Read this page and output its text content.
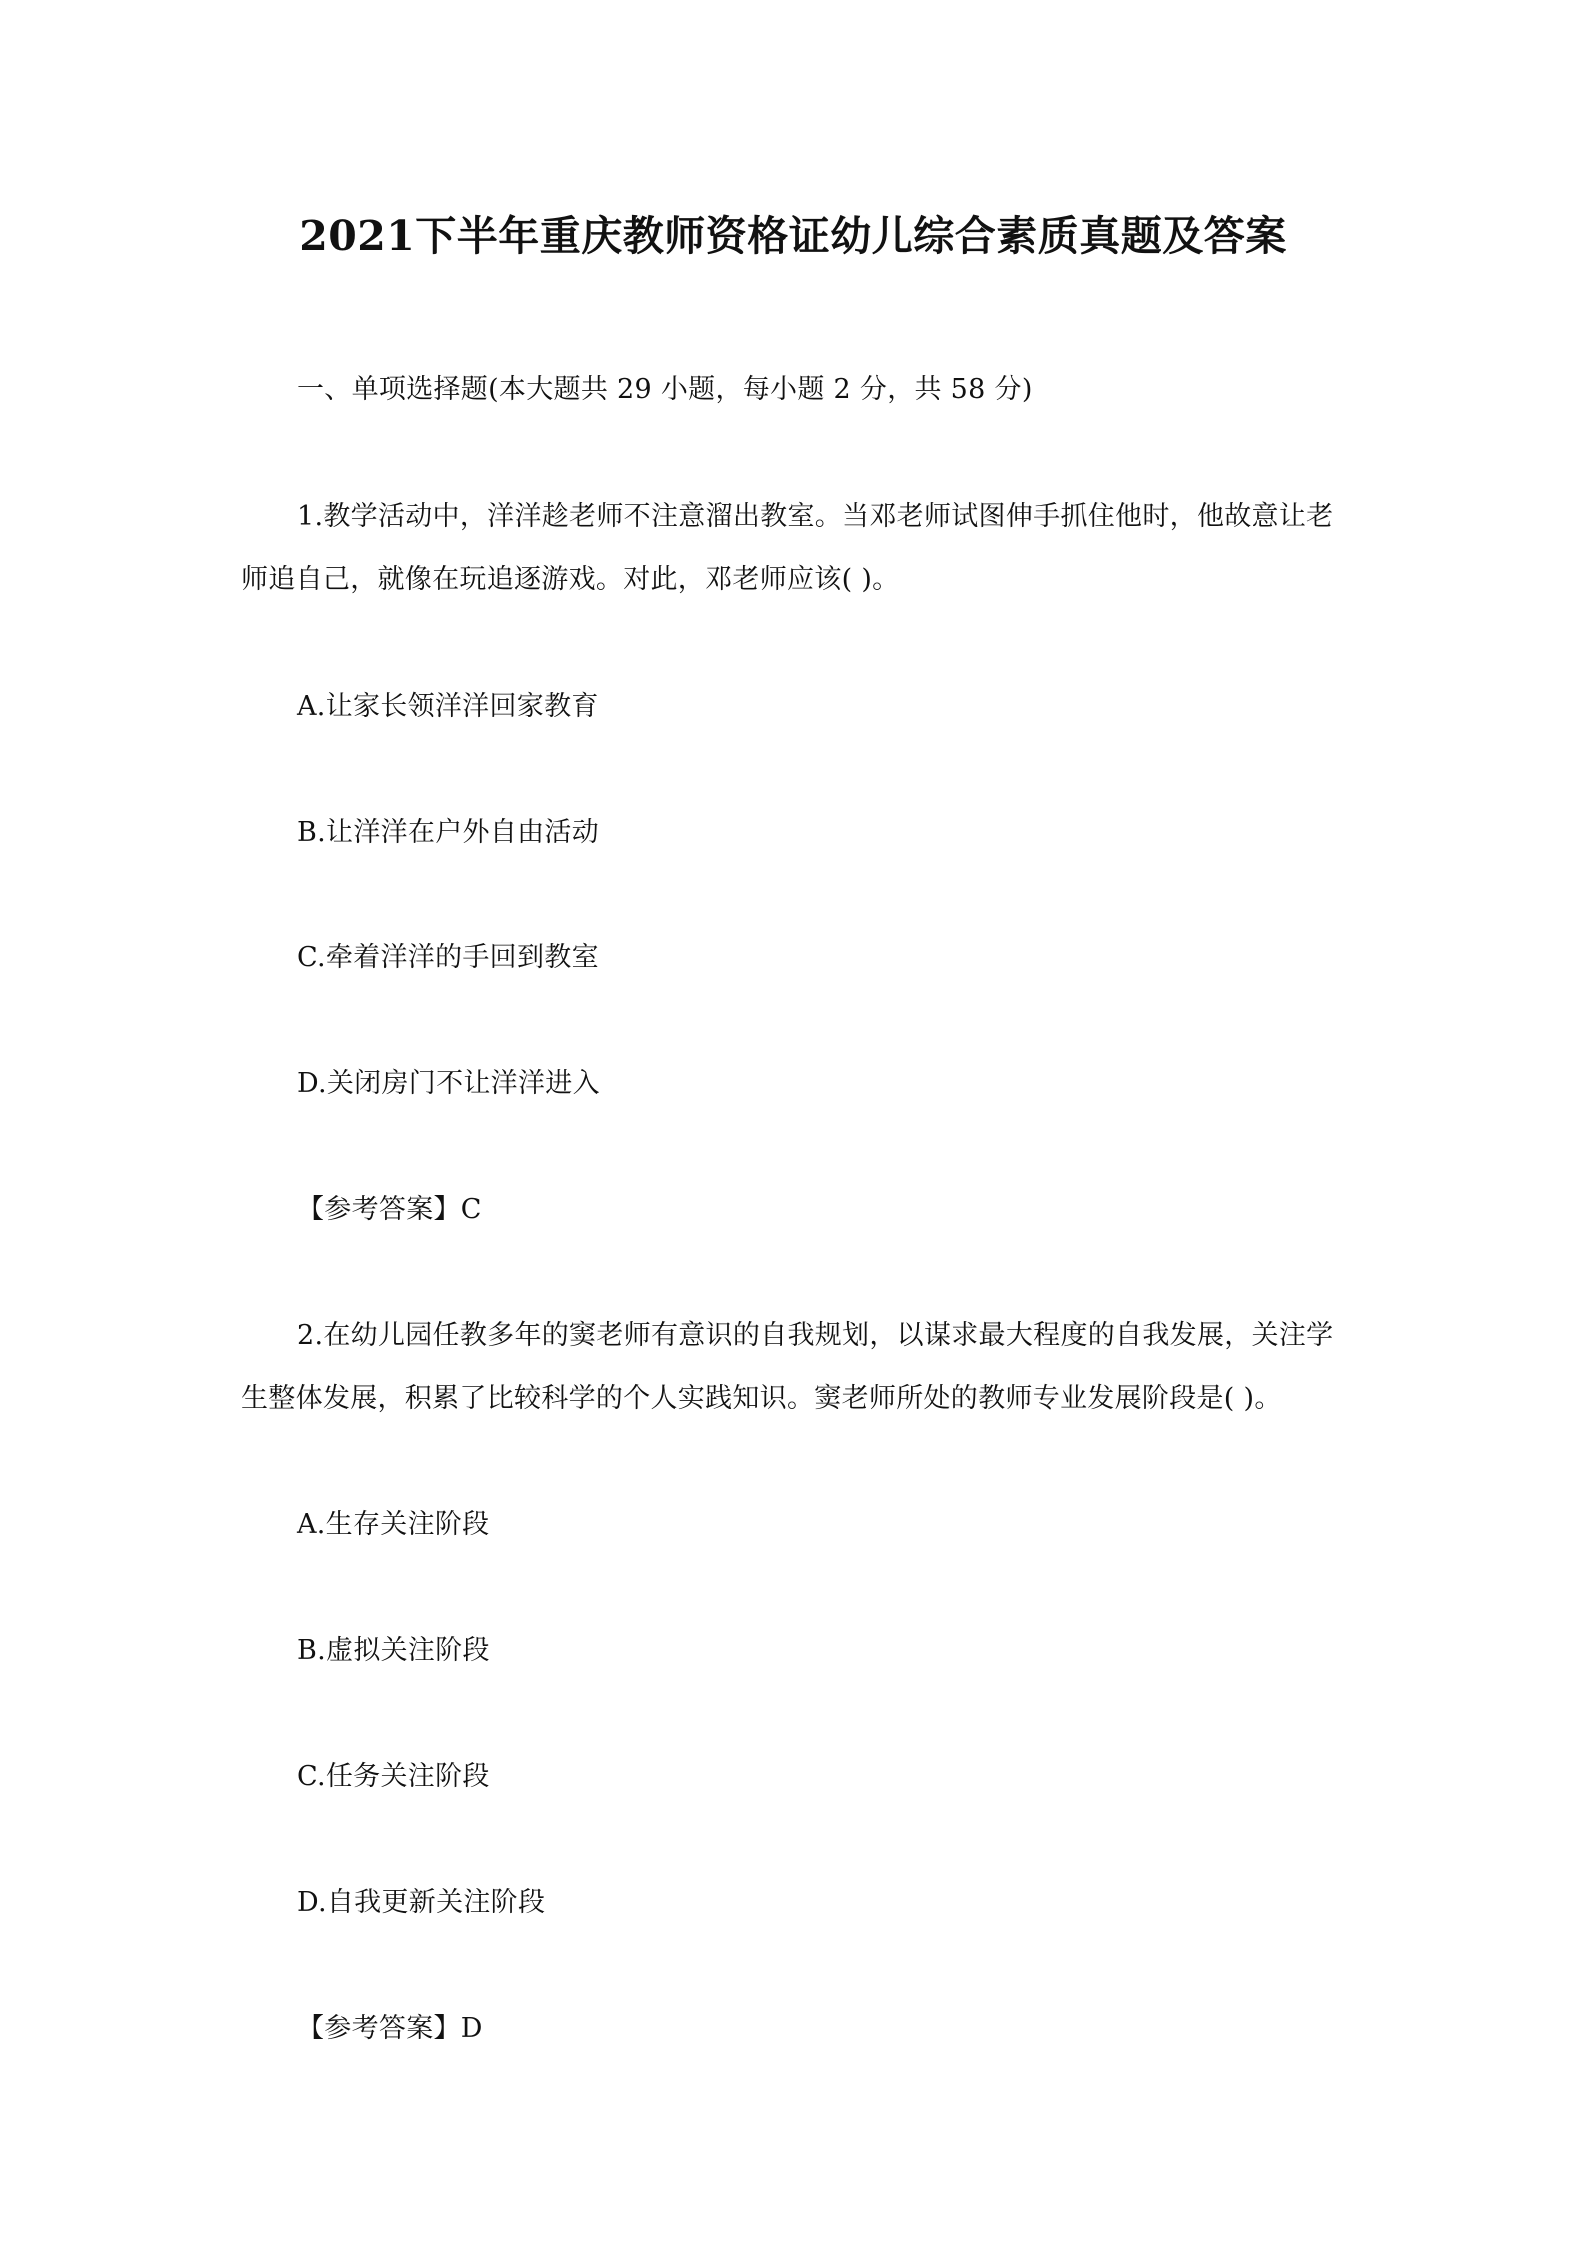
2021下半年重庆教师资格证幼儿综合素质真题及答案
一、单项选择题(本大题共 29 小题，每小题 2 分，共 58 分)
1.教学活动中，洋洋趁老师不注意溜出教室。当邓老师试图伸手抓住他时，他故意让老
师追自己，就像在玩追逐游戏。对此，邓老师应该( )。
A.让家长领洋洋回家教育
B.让洋洋在户外自由活动
C.牵着洋洋的手回到教室
D.关闭房门不让洋洋进入
【参考答案】C
2.在幼儿园任教多年的窦老师有意识的自我规划，以谋求最大程度的自我发展，关注学
生整体发展，积累了比较科学的个人实践知识。窦老师所处的教师专业发展阶段是( )。
A.生存关注阶段
B.虚拟关注阶段
C.任务关注阶段
D.自我更新关注阶段
【参考答案】D
